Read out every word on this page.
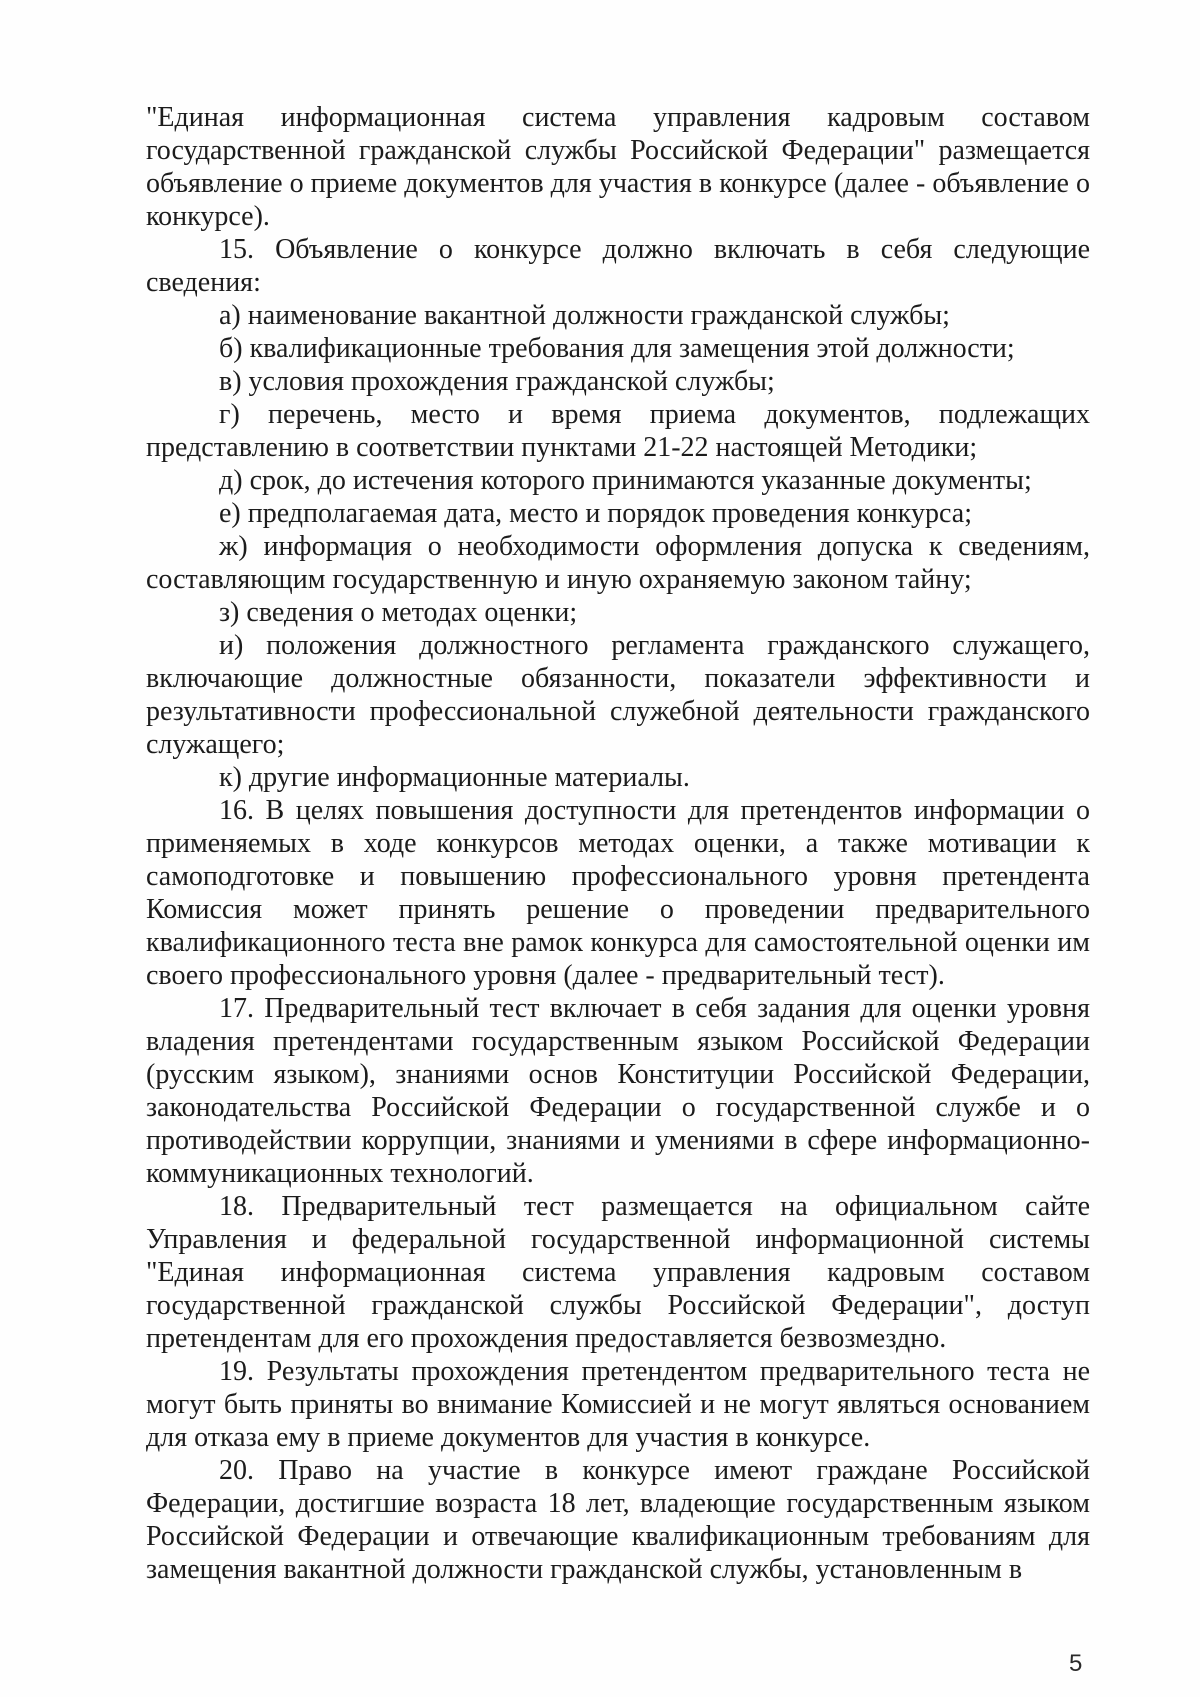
"Единая информационная система управления кадровым составом государственной гражданской службы Российской Федерации" размещается объявление о приеме документов для участия в конкурсе (далее - объявление о конкурсе).

15. Объявление о конкурсе должно включать в себя следующие сведения:

а) наименование вакантной должности гражданской службы;

б) квалификационные требования для замещения этой должности;

в) условия прохождения гражданской службы;

г) перечень, место и время приема документов, подлежащих представлению в соответствии пунктами 21-22 настоящей Методики;

д) срок, до истечения которого принимаются указанные документы;

е) предполагаемая дата, место и порядок проведения конкурса;

ж) информация о необходимости оформления допуска к сведениям, составляющим государственную и иную охраняемую законом тайну;

з) сведения о методах оценки;

и) положения должностного регламента гражданского служащего, включающие должностные обязанности, показатели эффективности и результативности профессиональной служебной деятельности гражданского служащего;

к) другие информационные материалы.

16. В целях повышения доступности для претендентов информации о применяемых в ходе конкурсов методах оценки, а также мотивации к самоподготовке и повышению профессионального уровня претендента Комиссия может принять решение о проведении предварительного квалификационного теста вне рамок конкурса для самостоятельной оценки им своего профессионального уровня (далее - предварительный тест).

17. Предварительный тест включает в себя задания для оценки уровня владения претендентами государственным языком Российской Федерации (русским языком), знаниями основ Конституции Российской Федерации, законодательства Российской Федерации о государственной службе и о противодействии коррупции, знаниями и умениями в сфере информационно-коммуникационных технологий.

18. Предварительный тест размещается на официальном сайте Управления и федеральной государственной информационной системы "Единая информационная система управления кадровым составом государственной гражданской службы Российской Федерации", доступ претендентам для его прохождения предоставляется безвозмездно.

19. Результаты прохождения претендентом предварительного теста не могут быть приняты во внимание Комиссией и не могут являться основанием для отказа ему в приеме документов для участия в конкурсе.

20. Право на участие в конкурсе имеют граждане Российской Федерации, достигшие возраста 18 лет, владеющие государственным языком Российской Федерации и отвечающие квалификационным требованиям для замещения вакантной должности гражданской службы, установленным в

5
